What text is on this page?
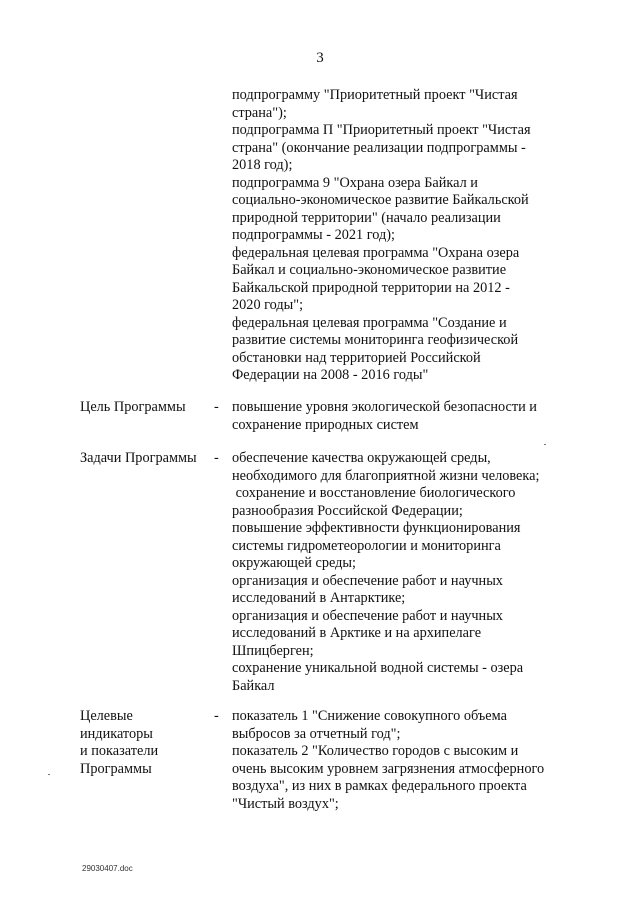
3
подпрограмму "Приоритетный проект "Чистая
страна");
подпрограмма П "Приоритетный проект "Чистая
страна" (окончание реализации подпрограммы -
2018 год);
подпрограмма 9 "Охрана озера Байкал и
социально-экономическое развитие Байкальской
природной территории" (начало реализации
подпрограммы - 2021 год);
федеральная целевая программа "Охрана озера
Байкал и социально-экономическое развитие
Байкальской природной территории на 2012 -
2020 годы";
федеральная целевая программа "Создание и
развитие системы мониторинга геофизической
обстановки над территорией Российской
Федерации на 2008 - 2016 годы"
Цель Программы	- повышение уровня экологической безопасности и
сохранение природных систем
Задачи Программы	- обеспечение качества окружающей среды,
необходимого для благоприятной жизни человека;
сохранение и восстановление биологического
разнообразия Российской Федерации;
повышение эффективности функционирования
системы гидрометеорологии и мониторинга
окружающей среды;
организация и обеспечение работ и научных
исследований в Антарктике;
организация и обеспечение работ и научных
исследований в Арктике и на архипелаге
Шпицберген;
сохранение уникальной водной системы - озера
Байкал
Целевые
индикаторы
и показатели
Программы
- показатель 1 "Снижение совокупного объема
выбросов за отчетный год";
показатель 2 "Количество городов с высоким и
очень высоким уровнем загрязнения атмосферного
воздуха", из них в рамках федерального проекта
"Чистый воздух";
29030407.doc
